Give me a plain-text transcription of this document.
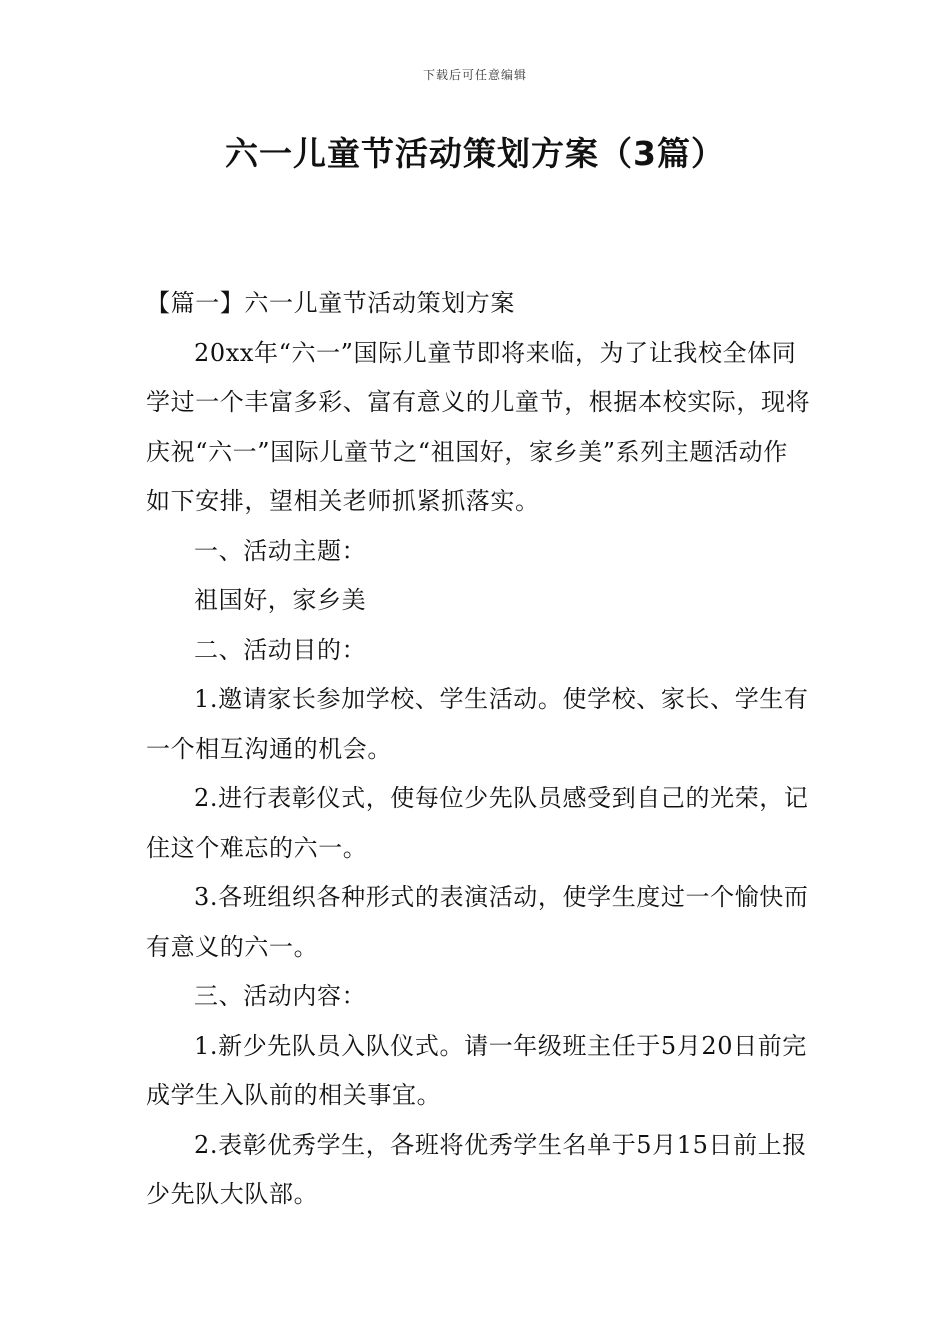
下载后可任意编辑
六一儿童节活动策划方案（3篇）

【篇一】六一儿童节活动策划方案

20xx年“六一”国际儿童节即将来临，为了让我校全体同学过一个丰富多彩、富有意义的儿童节，根据本校实际，现将庆祝“六一”国际儿童节之“祖国好，家乡美”系列主题活动作如下安排，望相关老师抓紧抓落实。

一、活动主题：

祖国好，家乡美

二、活动目的：

1.邀请家长参加学校、学生活动。使学校、家长、学生有一个相互沟通的机会。

2.进行表彰仪式，使每位少先队员感受到自己的光荣，记住这个难忘的六一。

3.各班组织各种形式的表演活动，使学生度过一个愉快而有意义的六一。

三、活动内容：

1.新少先队员入队仪式。请一年级班主任于5月20日前完成学生入队前的相关事宜。

2.表彰优秀学生，各班将优秀学生名单于5月15日前上报少先队大队部。
